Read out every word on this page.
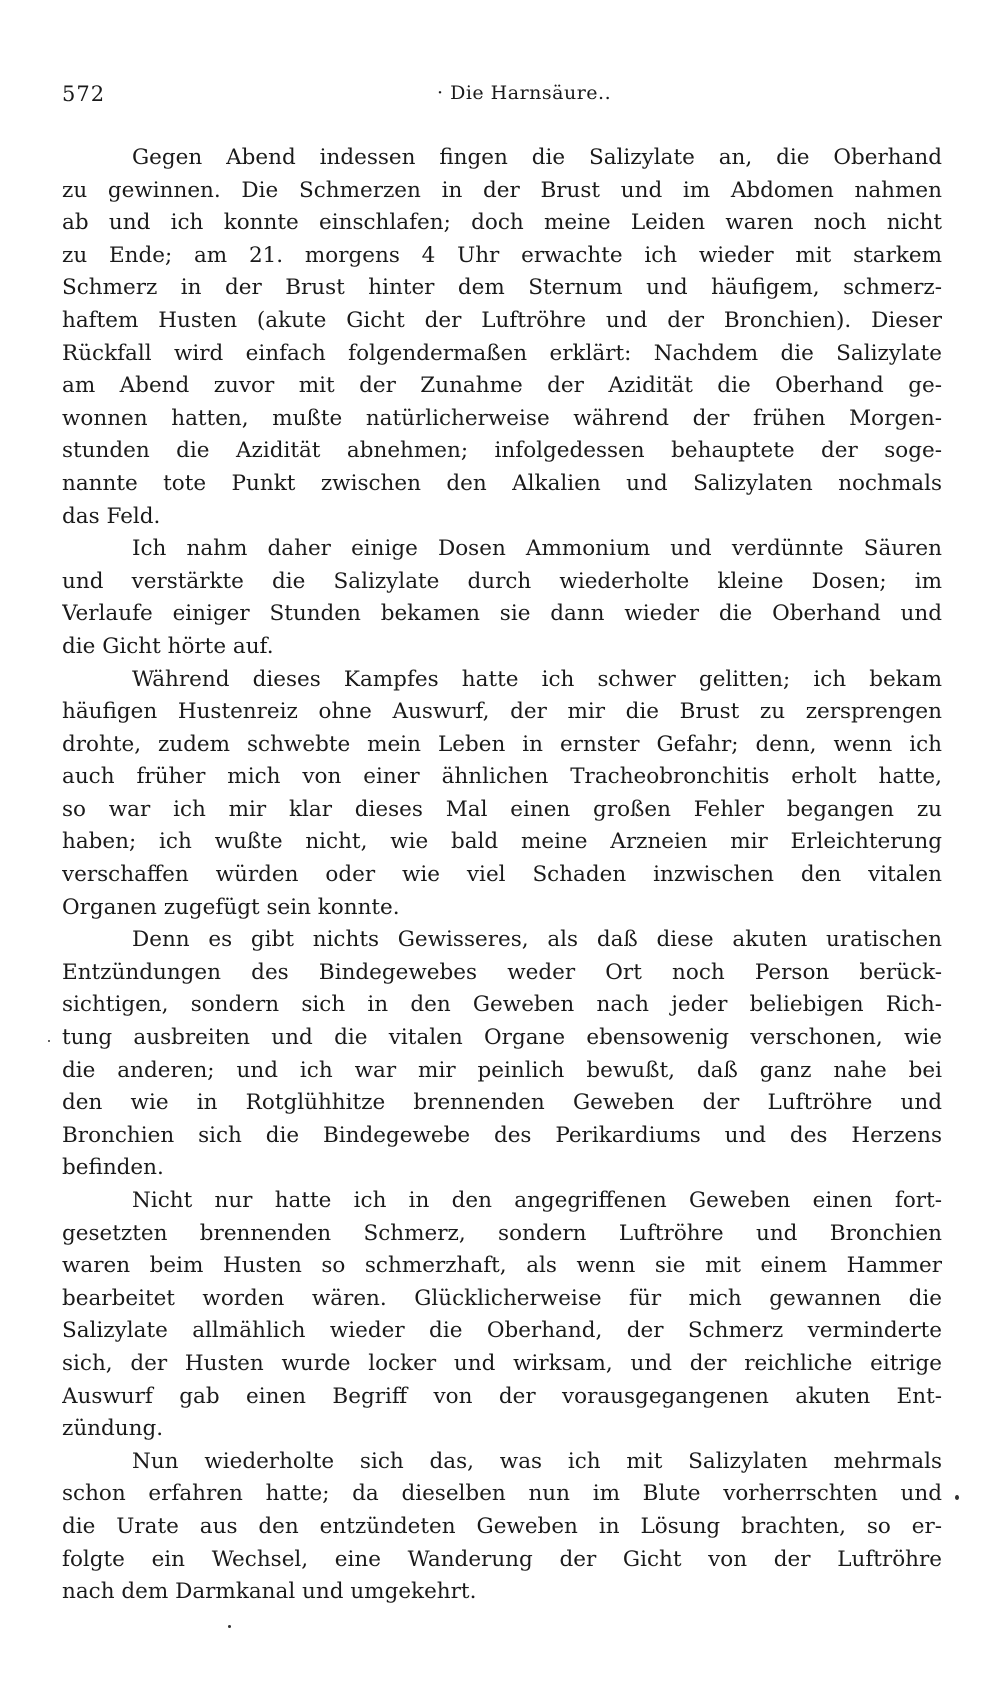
572	· Die Harnsäure..
Gegen Abend indessen fingen die Salizylate an, die Oberhand
zu gewinnen. Die Schmerzen in der Brust und im Abdomen nahmen
ab und ich konnte einschlafen; doch meine Leiden waren noch nicht
zu Ende; am 21. morgens 4 Uhr erwachte ich wieder mit starkem
Schmerz in der Brust hinter dem Sternum und häufigem, schmerz-
haftem Husten (akute Gicht der Luftröhre und der Bronchien). Dieser
Rückfall wird einfach folgendermaßen erklärt: Nachdem die Salizylate
am Abend zuvor mit der Zunahme der Azidität die Oberhand ge-
wonnen hatten, mußte natürlicherweise während der frühen Morgen-
stunden die Azidität abnehmen; infolgedessen behauptete der soge-
nannte tote Punkt zwischen den Alkalien und Salizylaten nochmals
das Feld.
Ich nahm daher einige Dosen Ammonium und verdünnte Säuren
und verstärkte die Salizylate durch wiederholte kleine Dosen; im
Verlaufe einiger Stunden bekamen sie dann wieder die Oberhand und
die Gicht hörte auf.
Während dieses Kampfes hatte ich schwer gelitten; ich bekam
häufigen Hustenreiz ohne Auswurf, der mir die Brust zu zersprengen
drohte, zudem schwebte mein Leben in ernster Gefahr; denn, wenn ich
auch früher mich von einer ähnlichen Tracheobronchitis erholt hatte,
so war ich mir klar dieses Mal einen großen Fehler begangen zu
haben; ich wußte nicht, wie bald meine Arzneien mir Erleichterung
verschaffen würden oder wie viel Schaden inzwischen den vitalen
Organen zugefügt sein konnte.
Denn es gibt nichts Gewisseres, als daß diese akuten uratischen
Entzündungen des Bindegewebes weder Ort noch Person berück-
sichtigen, sondern sich in den Geweben nach jeder beliebigen Rich-
tung ausbreiten und die vitalen Organe ebensowenig verschonen, wie
die anderen; und ich war mir peinlich bewußt, daß ganz nahe bei
den wie in Rotglühhitze brennenden Geweben der Luftröhre und
Bronchien sich die Bindegewebe des Perikardiums und des Herzens
befinden.
Nicht nur hatte ich in den angegriffenen Geweben einen fort-
gesetzten brennenden Schmerz, sondern Luftröhre und Bronchien
waren beim Husten so schmerzhaft, als wenn sie mit einem Hammer
bearbeitet worden wären. Glücklicherweise für mich gewannen die
Salizylate allmählich wieder die Oberhand, der Schmerz verminderte
sich, der Husten wurde locker und wirksam, und der reichliche eitrige
Auswurf gab einen Begriff von der vorausgegangenen akuten Ent-
zündung.
Nun wiederholte sich das, was ich mit Salizylaten mehrmals
schon erfahren hatte; da dieselben nun im Blute vorherrschten und
die Urate aus den entzündeten Geweben in Lösung brachten, so er-
folgte ein Wechsel, eine Wanderung der Gicht von der Luftröhre
nach dem Darmkanal und umgekehrt.
